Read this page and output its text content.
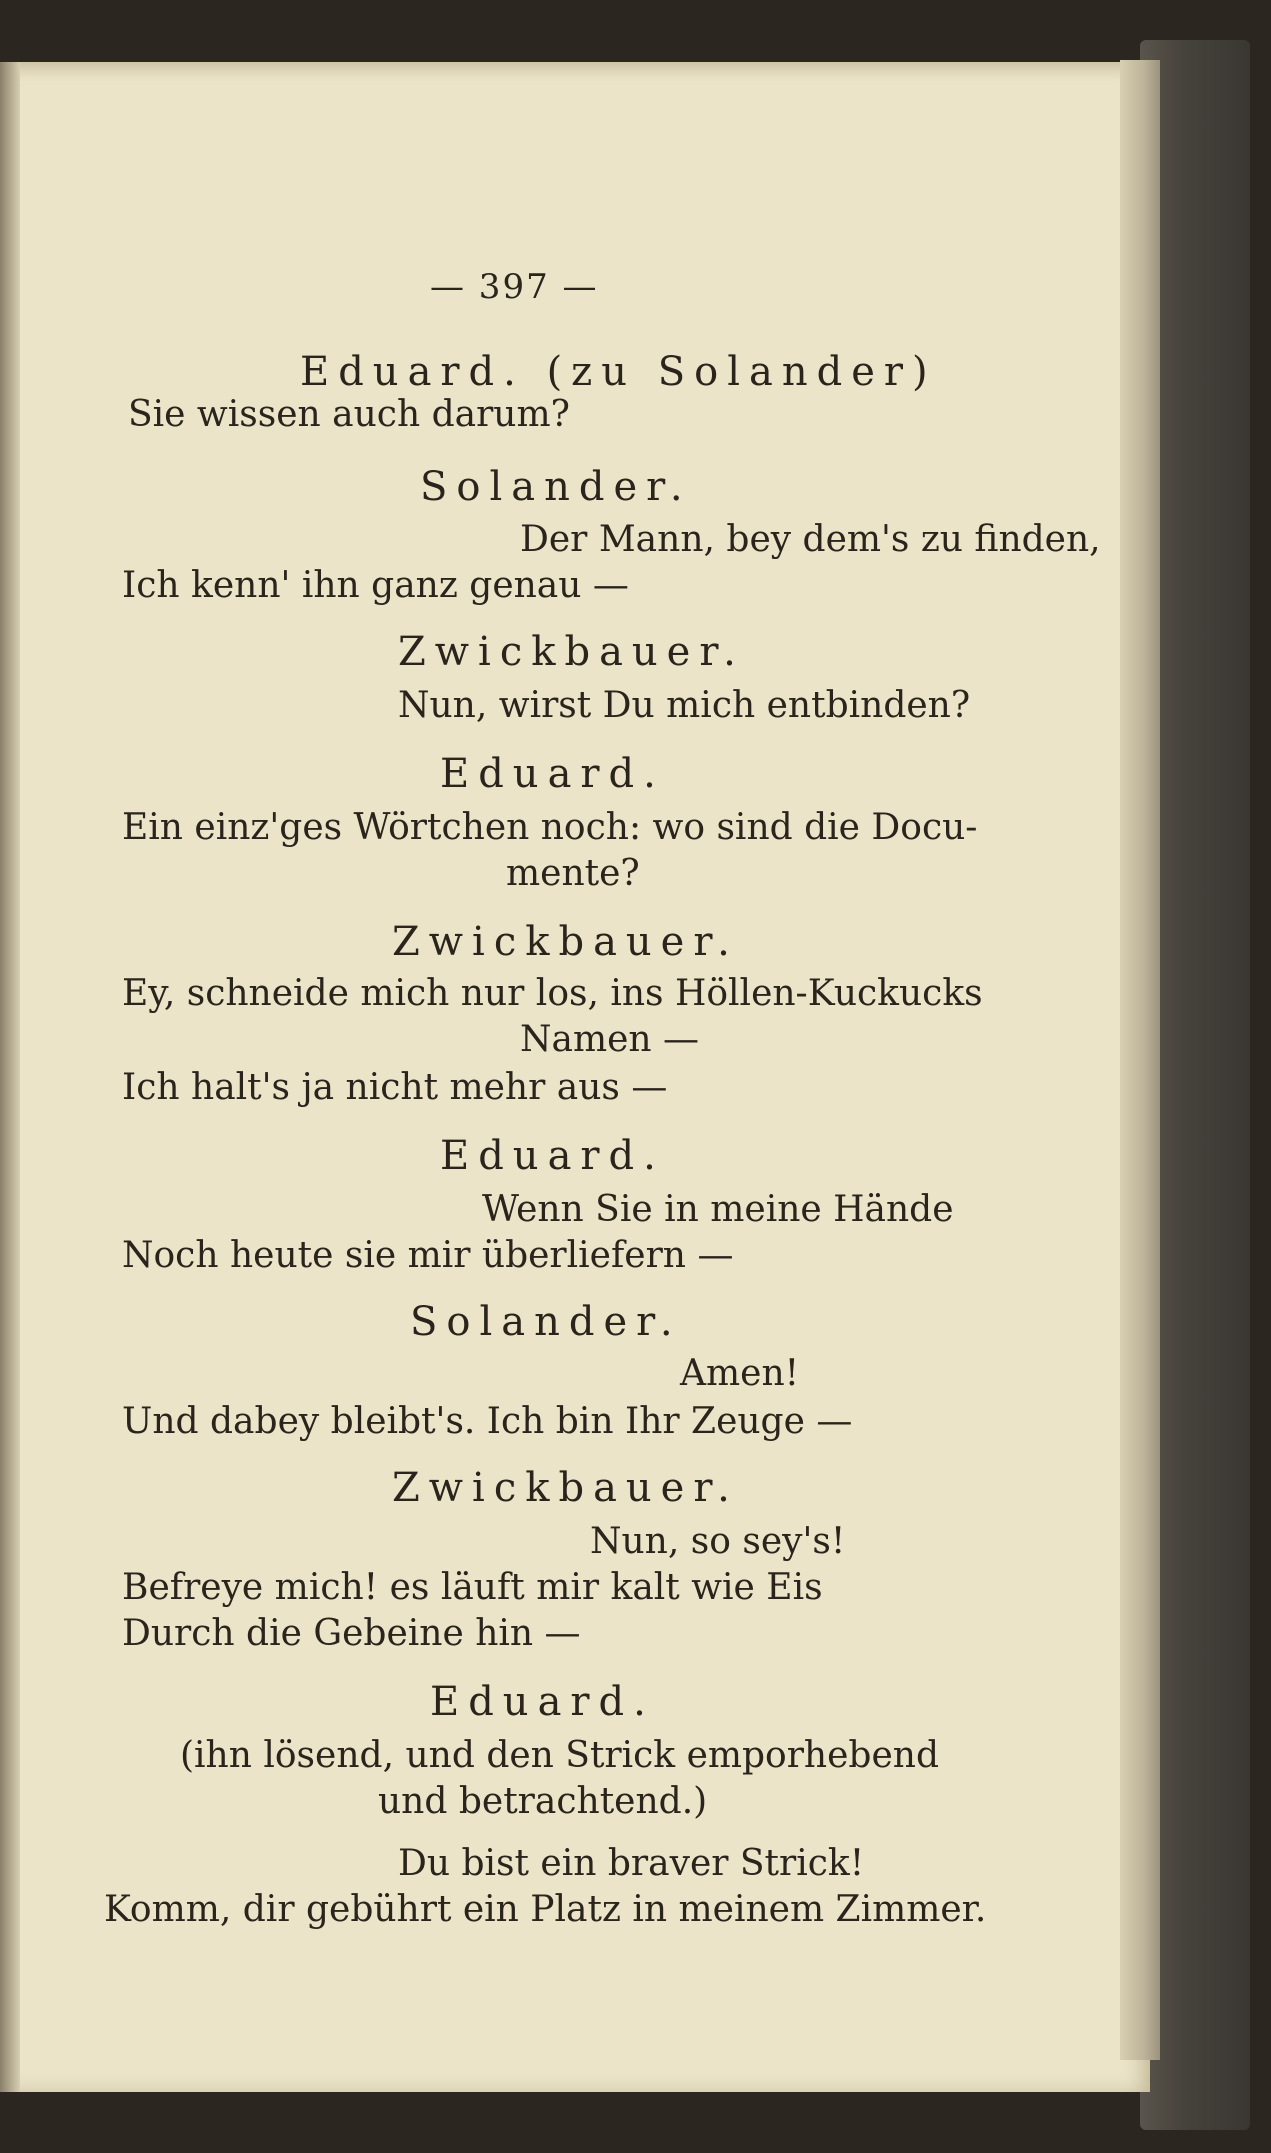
— 397 —
Eduard. (zu Solander)
Sie wissen auch darum?
Solander.
Der Mann, bey dem's zu finden,
Ich kenn' ihn ganz genau —
Zwickbauer.
Nun, wirst Du mich entbinden?
Eduard.
Ein einz'ges Wörtchen noch: wo sind die Docu-
mente?
Zwickbauer.
Ey, schneide mich nur los, ins Höllen-Kuckucks
Namen —
Ich halt's ja nicht mehr aus —
Eduard.
Wenn Sie in meine Hände
Noch heute sie mir überliefern —
Solander.
Amen!
Und dabey bleibt's. Ich bin Ihr Zeuge —
Zwickbauer.
Nun, so sey's!
Befreye mich! es läuft mir kalt wie Eis
Durch die Gebeine hin —
Eduard.
(ihn lösend, und den Strick emporhebend
und betrachtend.)
Du bist ein braver Strick!
Komm, dir gebührt ein Platz in meinem Zimmer.
